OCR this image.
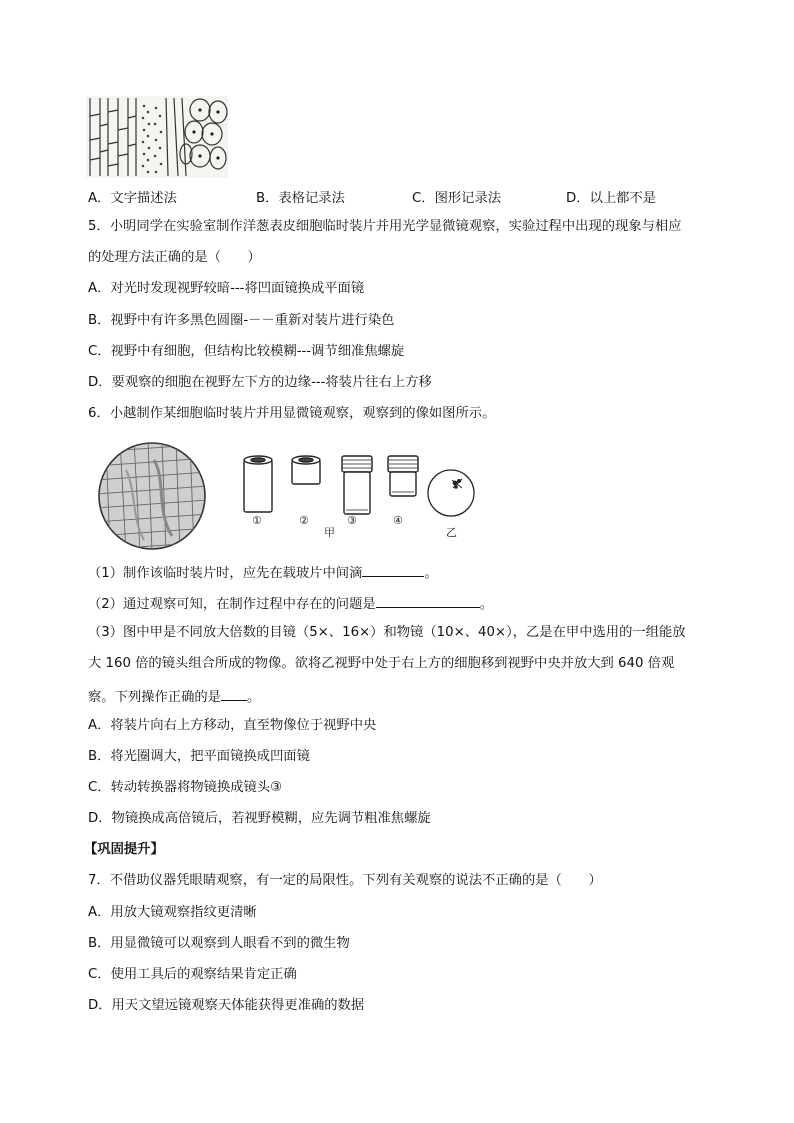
A．文字描述法	B．表格记录法	C．图形记录法	D．以上都不是
5．小明同学在实验室制作洋葱表皮细胞临时装片并用光学显微镜观察，实验过程中出现的现象与相应
的处理方法正确的是（　　）
A．对光时发现视野较暗---将凹面镜换成平面镜
B．视野中有许多黑色圆圈-－－重新对装片进行染色
C．视野中有细胞，但结构比较模糊---调节细准焦螺旋
D．要观察的细胞在视野左下方的边缘---将装片往右上方移
6．小越制作某细胞临时装片并用显微镜观察，观察到的像如图所示。
①	②	③	④
甲	乙
（1）制作该临时装片时，应先在载玻片中间滴	。
（2）通过观察可知，在制作过程中存在的问题是	。
（3）图中甲是不同放大倍数的目镜（5×、16×）和物镜（10×、40×），乙是在甲中选用的一组能放
大 160 倍的镜头组合所成的物像。欲将乙视野中处于右上方的细胞移到视野中央并放大到 640 倍观
察。下列操作正确的是 。
A．将装片向右上方移动，直至物像位于视野中央
B．将光圈调大，把平面镜换成凹面镜
C．转动转换器将物镜换成镜头③
D．物镜换成高倍镜后，若视野模糊，应先调节粗准焦螺旋
【巩固提升】
7．不借助仪器凭眼睛观察，有一定的局限性。下列有关观察的说法不正确的是（　　）
A．用放大镜观察指纹更清晰
B．用显微镜可以观察到人眼看不到的微生物
C．使用工具后的观察结果肯定正确
D．用天文望远镜观察天体能获得更准确的数据
